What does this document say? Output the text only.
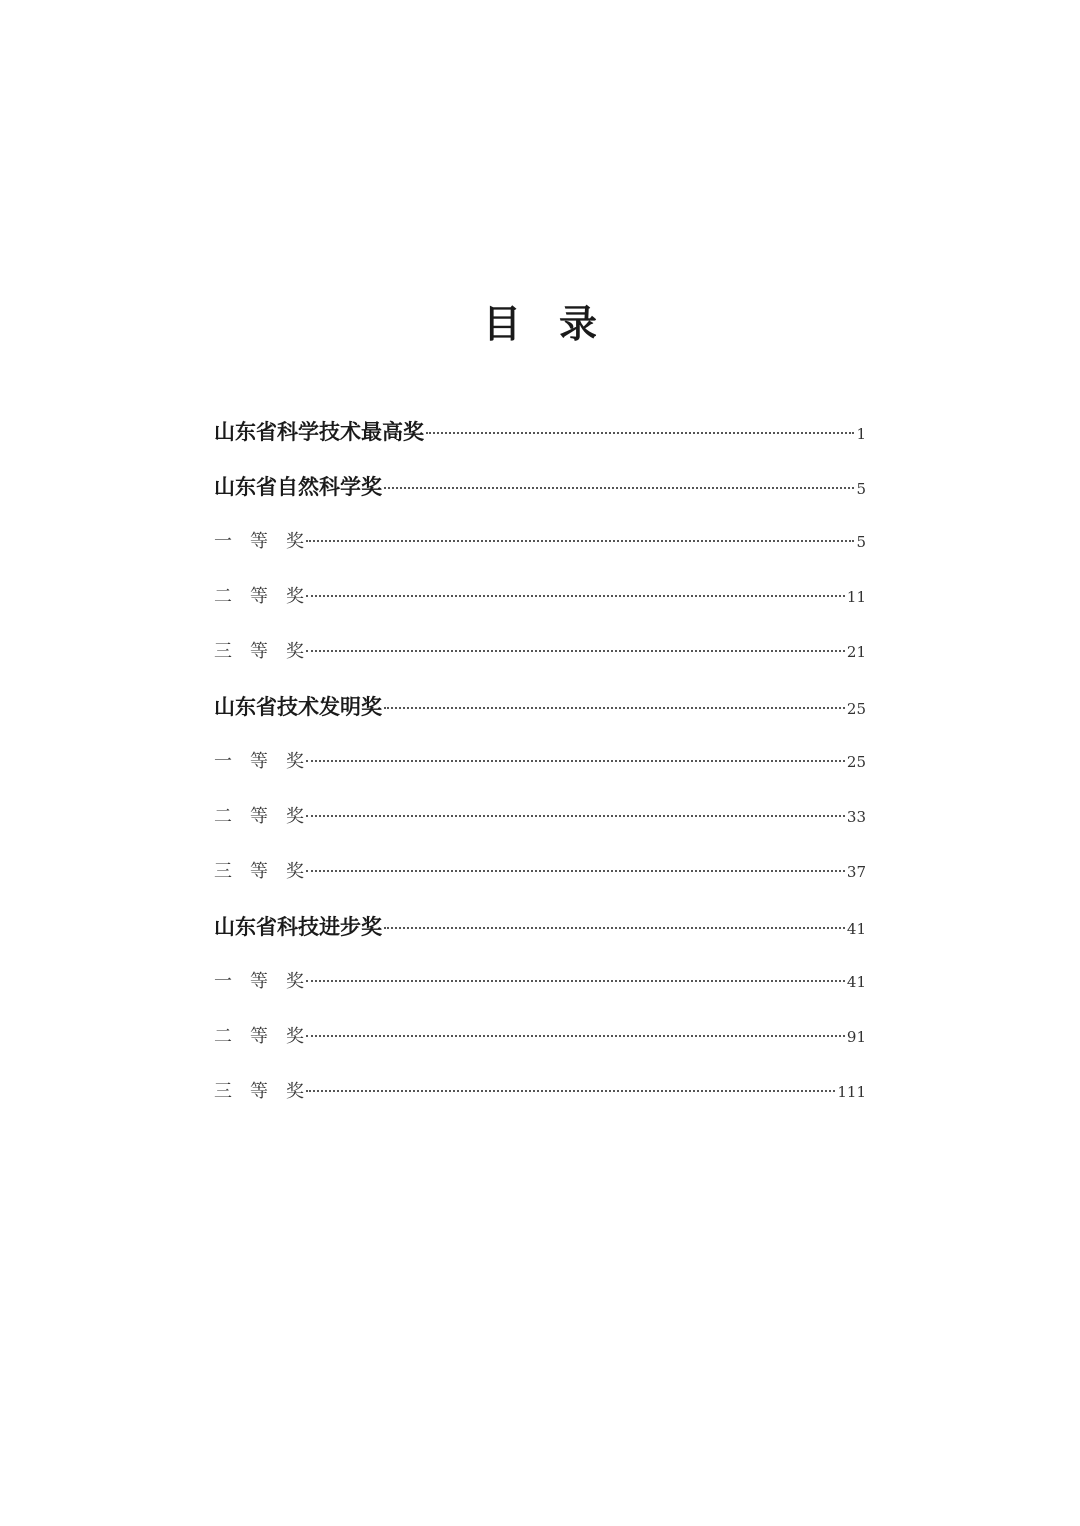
目　录
山东省科学技术最高奖	1
山东省自然科学奖	5
一　等　奖	5
二　等　奖	11
三　等　奖	21
山东省技术发明奖	25
一　等　奖	25
二　等　奖	33
三　等　奖	37
山东省科技进步奖	41
一　等　奖	41
二　等　奖	91
三　等　奖	111
